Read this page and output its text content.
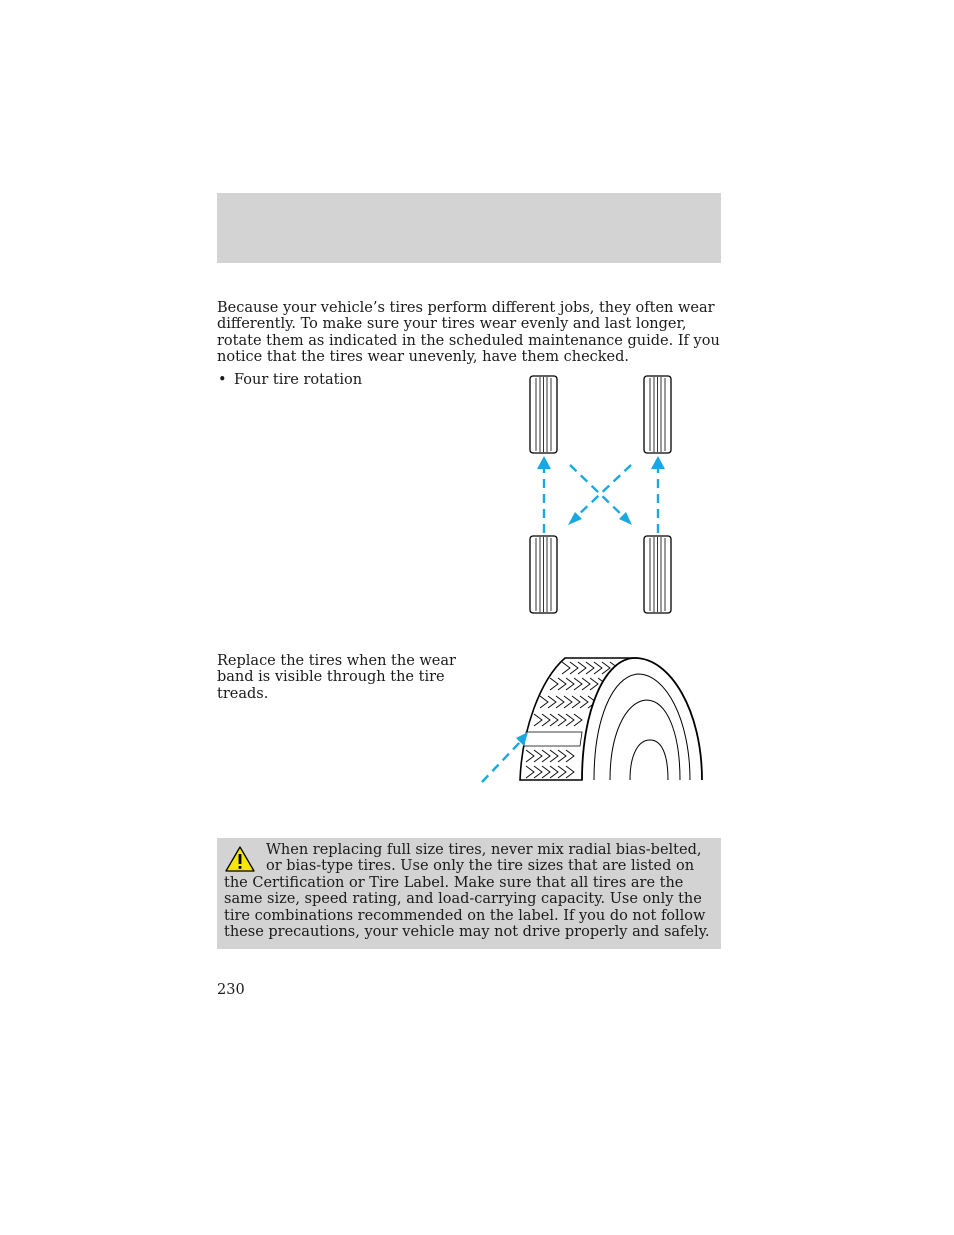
Because your vehicle’s tires perform different jobs, they often wear differently. To make sure your tires wear evenly and last longer, rotate them as indicated in the scheduled maintenance guide. If you notice that the tires wear unevenly, have them checked.

• Four tire rotation

Replace the tires when the wear band is visible through the tire treads.

When replacing full size tires, never mix radial bias-belted, or bias-type tires. Use only the tire sizes that are listed on the Certification or Tire Label. Make sure that all tires are the same size, speed rating, and load-carrying capacity. Use only the tire combinations recommended on the label. If you do not follow these precautions, your vehicle may not drive properly and safely.

230
